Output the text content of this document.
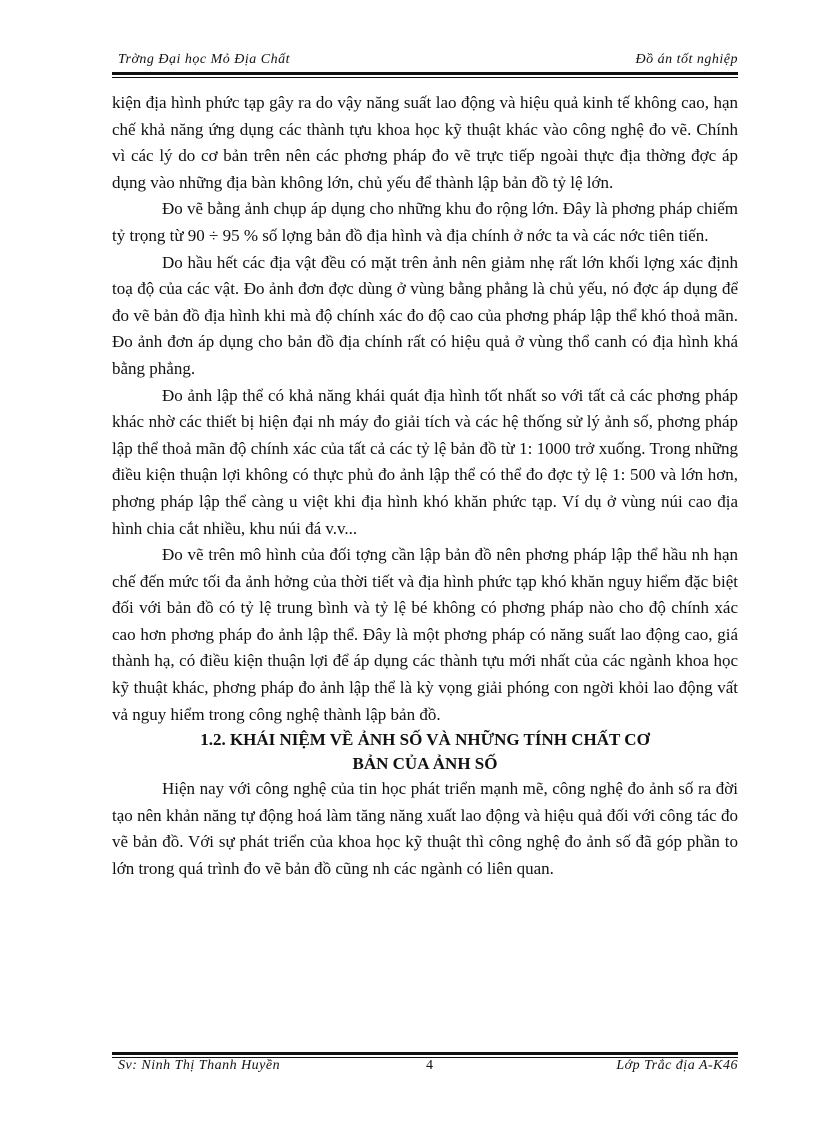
Trờng Đại học Mỏ Địa Chất	Đồ án tốt nghiệp

kiện địa hình phức tạp gây ra do vậy năng suất lao động và hiệu quả kinh tế không cao, hạn chế khả năng ứng dụng các thành tựu khoa học kỹ thuật khác vào công nghệ đo vẽ. Chính vì các lý do cơ bản trên nên các phơng pháp đo vẽ trực tiếp ngoài thực địa thờng đợc áp dụng vào những địa bàn không lớn, chủ yếu để thành lập bản đồ tỷ lệ lớn.

Đo vẽ bằng ảnh chụp áp dụng cho những khu đo rộng lớn. Đây là phơng pháp chiếm tỷ trọng từ 90 ÷ 95 % số lợng bản đồ địa hình và địa chính ở nớc ta và các nớc tiên tiến.

Do hầu hết các địa vật đều có mặt trên ảnh nên giảm nhẹ rất lớn khối lợng xác định toạ độ của các vật. Đo ảnh đơn đợc dùng ở vùng bằng phẳng là chủ yếu, nó đợc áp dụng để đo vẽ bản đồ địa hình khi mà độ chính xác đo độ cao của phơng pháp lập thể khó thoả mãn. Đo ảnh đơn áp dụng cho bản đồ địa chính rất có hiệu quả ở vùng thổ canh có địa hình khá bằng phẳng.

Đo ảnh lập thể có khả năng khái quát địa hình tốt nhất so với tất cả các phơng pháp khác nhờ các thiết bị hiện đại nh máy đo giải tích và các hệ thống sử lý ảnh số, phơng pháp lập thể thoả mãn độ chính xác của tất cả các tỷ lệ bản đồ từ 1: 1000 trở xuống. Trong những điều kiện thuận lợi không có thực phủ đo ảnh lập thể có thể đo đợc tỷ lệ 1: 500 và lớn hơn, phơng pháp lập thể càng u việt khi địa hình khó khăn phức tạp. Ví dụ ở vùng núi cao địa hình chia cắt nhiều, khu núi đá v.v...

Đo vẽ trên mô hình của đối tợng cần lập bản đồ nên phơng pháp lập thể hầu nh hạn chế đến mức tối đa ảnh hởng của thời tiết và địa hình phức tạp khó khăn nguy hiểm đặc biệt đối với bản đồ có tỷ lệ trung bình và tỷ lệ bé không có phơng pháp nào cho độ chính xác cao hơn phơng pháp đo ảnh lập thể. Đây là một phơng pháp có năng suất lao động cao, giá thành hạ, có điều kiện thuận lợi để áp dụng các thành tựu mới nhất của các ngành khoa học kỹ thuật khác, phơng pháp đo ảnh lập thể là kỳ vọng giải phóng con ngời khỏi lao động vất vả nguy hiểm trong công nghệ thành lập bản đồ.

1.2. KHÁI NIỆM VỀ ẢNH SỐ VÀ NHỮNG TÍNH CHẤT CƠ
BẢN CỦA ẢNH SỐ

Hiện nay với công nghệ của tin học phát triển mạnh mẽ, công nghệ đo ảnh số ra đời tạo nên khản năng tự động hoá làm tăng năng xuất lao động và hiệu quả đối với công tác đo vẽ bản đồ. Với sự phát triển của khoa học kỹ thuật thì công nghệ đo ảnh số đã góp phần to lớn trong quá trình đo vẽ bản đồ cũng nh các ngành có liên quan.

Sv: Ninh Thị Thanh Huyền	4	Lớp Trắc địa A-K46
